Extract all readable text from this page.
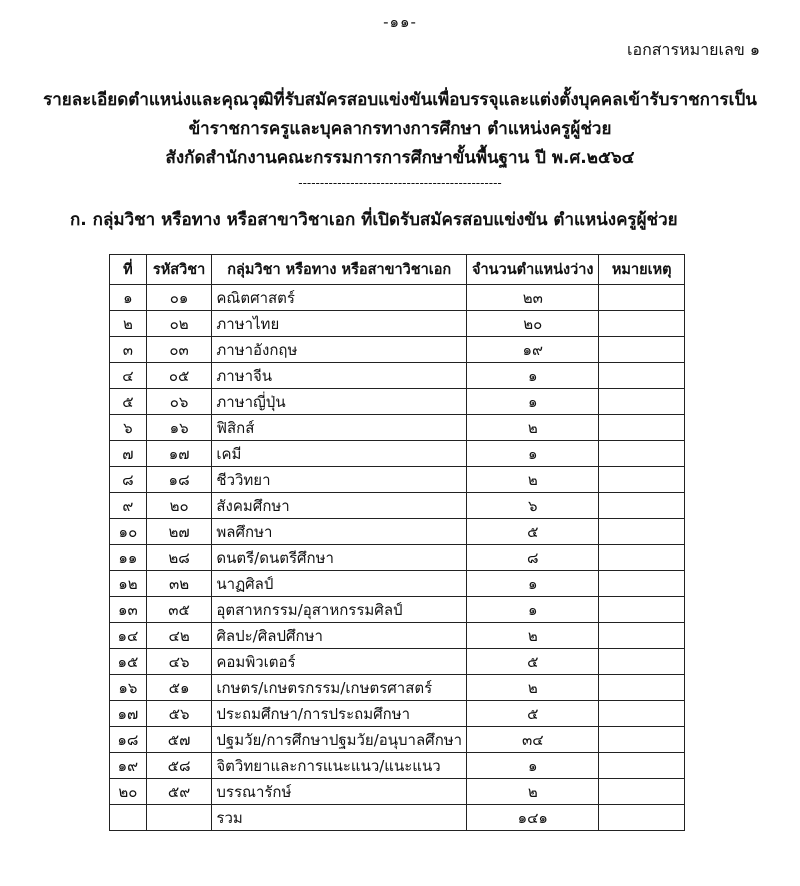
-๑๑-
เอกสารหมายเลข ๑
รายละเอียดตำแหน่งและคุณวุฒิที่รับสมัครสอบแข่งขันเพื่อบรรจุและแต่งตั้งบุคคลเข้ารับราชการเป็น
ข้าราชการครูและบุคลากรทางการศึกษา ตำแหน่งครูผู้ช่วย
สังกัดสำนักงานคณะกรรมการการศึกษาขั้นพื้นฐาน ปี พ.ศ.๒๕๖๔
-----------------------------------------------
ก. กลุ่มวิชา หรือทาง หรือสาขาวิชาเอก ที่เปิดรับสมัครสอบแข่งขัน ตำแหน่งครูผู้ช่วย
ที่	รหัสวิชา	กลุ่มวิชา หรือทาง หรือสาขาวิชาเอก	จำนวนตำแหน่งว่าง	หมายเหตุ
๑	๐๑	คณิตศาสตร์	๒๓	
๒	๐๒	ภาษาไทย	๒๐	
๓	๐๓	ภาษาอังกฤษ	๑๙	
๔	๐๕	ภาษาจีน	๑	
๕	๐๖	ภาษาญี่ปุ่น	๑	
๖	๑๖	ฟิสิกส์	๒	
๗	๑๗	เคมี	๑	
๘	๑๘	ชีววิทยา	๒	
๙	๒๐	สังคมศึกษา	๖	
๑๐	๒๗	พลศึกษา	๕	
๑๑	๒๘	ดนตรี/ดนตรีศึกษา	๘	
๑๒	๓๒	นาฏศิลป์	๑	
๑๓	๓๕	อุตสาหกรรม/อุสาหกรรมศิลป์	๑	
๑๔	๔๒	ศิลปะ/ศิลปศึกษา	๒	
๑๕	๔๖	คอมพิวเตอร์	๕	
๑๖	๕๑	เกษตร/เกษตรกรรม/เกษตรศาสตร์	๒	
๑๗	๕๖	ประถมศึกษา/การประถมศึกษา	๕	
๑๘	๕๗	ปฐมวัย/การศึกษาปฐมวัย/อนุบาลศึกษา	๓๔	
๑๙	๕๘	จิตวิทยาและการแนะแนว/แนะแนว	๑	
๒๐	๕๙	บรรณารักษ์	๒	
		รวม	๑๔๑	
